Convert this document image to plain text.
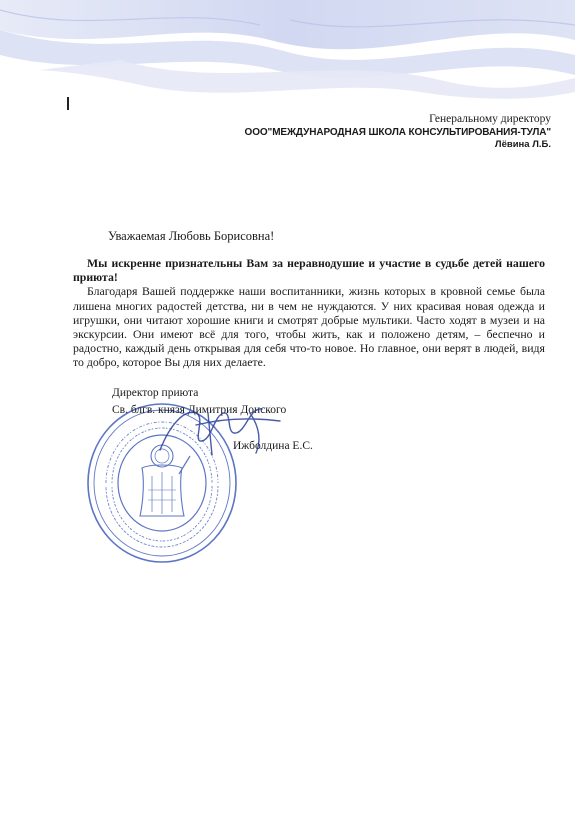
Генеральному директору
ООО"МЕЖДУНАРОДНАЯ ШКОЛА КОНСУЛЬТИРОВАНИЯ-ТУЛА"
Лёвина Л.Б.
Уважаемая Любовь Борисовна!

Мы искренне признательны Вам за неравнодушие и участие в судьбе детей нашего приюта!

Благодаря Вашей поддержке наши воспитанники, жизнь которых в кровной семье была лишена многих радостей детства, ни в чем не нуждаются. У них красивая новая одежда и игрушки, они читают хорошие книги и смотрят добрые мультики. Часто ходят в музеи и на экскурсии. Они имеют всё для того, чтобы жить, как и положено детям, – беспечно и радостно, каждый день открывая для себя что-то новое. Но главное, они верят в людей, видя то добро, которое Вы для них делаете.

Директор приюта
Св. блгв. князя Димитрия Донского
Ижболдина Е.С.
